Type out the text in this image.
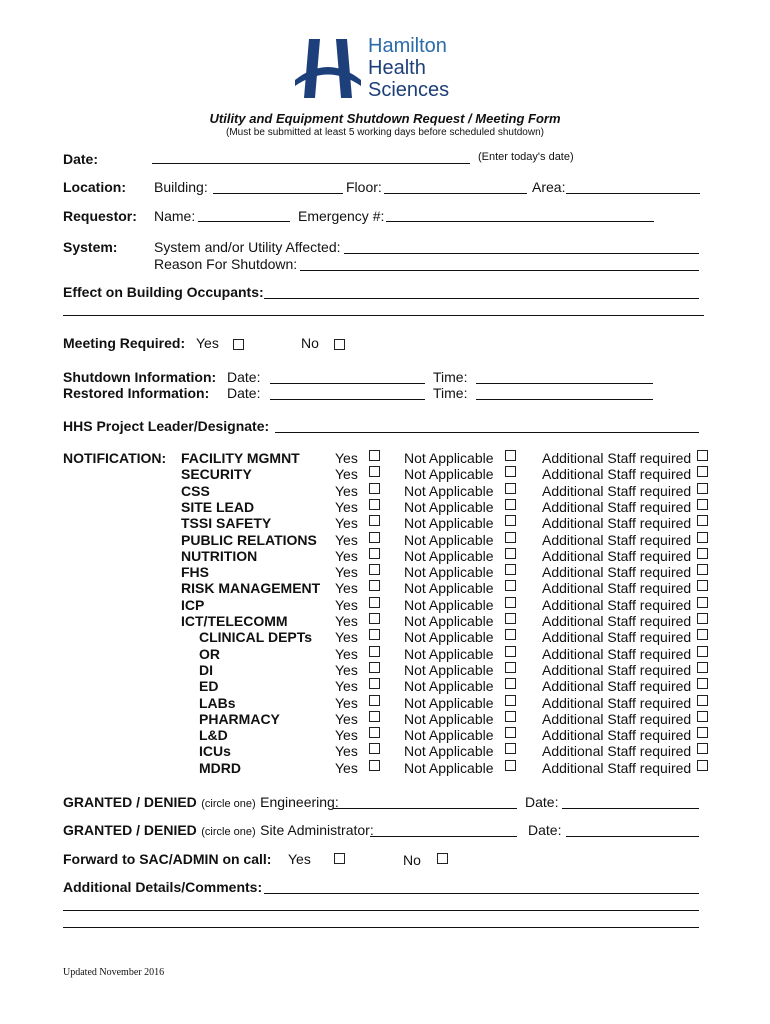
Hamilton
Health
Sciences
Utility and Equipment Shutdown Request / Meeting Form
(Must be submitted at least 5 working days before scheduled shutdown)
Date:	(Enter today's date)
Location: Building:	Floor:	Area:
Requestor: Name:	Emergency #:
System:	System and/or Utility Affected:
Reason For Shutdown:
Effect on Building Occupants:
Meeting Required: Yes	No
Shutdown Information: Date:	Time:
Restored Information: Date:	Time:
HHS Project Leader/Designate:
NOTIFICATION: FACILITY MGMNT	Yes	Not Applicable	Additional Staff required
SECURITY	Yes	Not Applicable	Additional Staff required
CSS	Yes	Not Applicable	Additional Staff required
SITE LEAD	Yes	Not Applicable	Additional Staff required
TSSI SAFETY	Yes	Not Applicable	Additional Staff required
PUBLIC RELATIONS Yes	Not Applicable	Additional Staff required
NUTRITION	Yes	Not Applicable	Additional Staff required
FHS	Yes	Not Applicable	Additional Staff required
RISK MANAGEMENT Yes	Not Applicable	Additional Staff required
ICP	Yes	Not Applicable	Additional Staff required
ICT/TELECOMM	Yes	Not Applicable	Additional Staff required
CLINICAL DEPTs Yes	Not Applicable	Additional Staff required
OR	Yes	Not Applicable	Additional Staff required
DI	Yes	Not Applicable	Additional Staff required
ED	Yes	Not Applicable	Additional Staff required
LABs	Yes	Not Applicable	Additional Staff required
PHARMACY	Yes	Not Applicable	Additional Staff required
L&D	Yes	Not Applicable	Additional Staff required
ICUs	Yes	Not Applicable	Additional Staff required
MDRD	Yes	Not Applicable	Additional Staff required
GRANTED / DENIED (circle one) Engineering:	Date:
GRANTED / DENIED (circle one) Site Administrator:	Date:
Forward to SAC/ADMIN on call: Yes	No
Additional Details/Comments:
Updated November 2016
